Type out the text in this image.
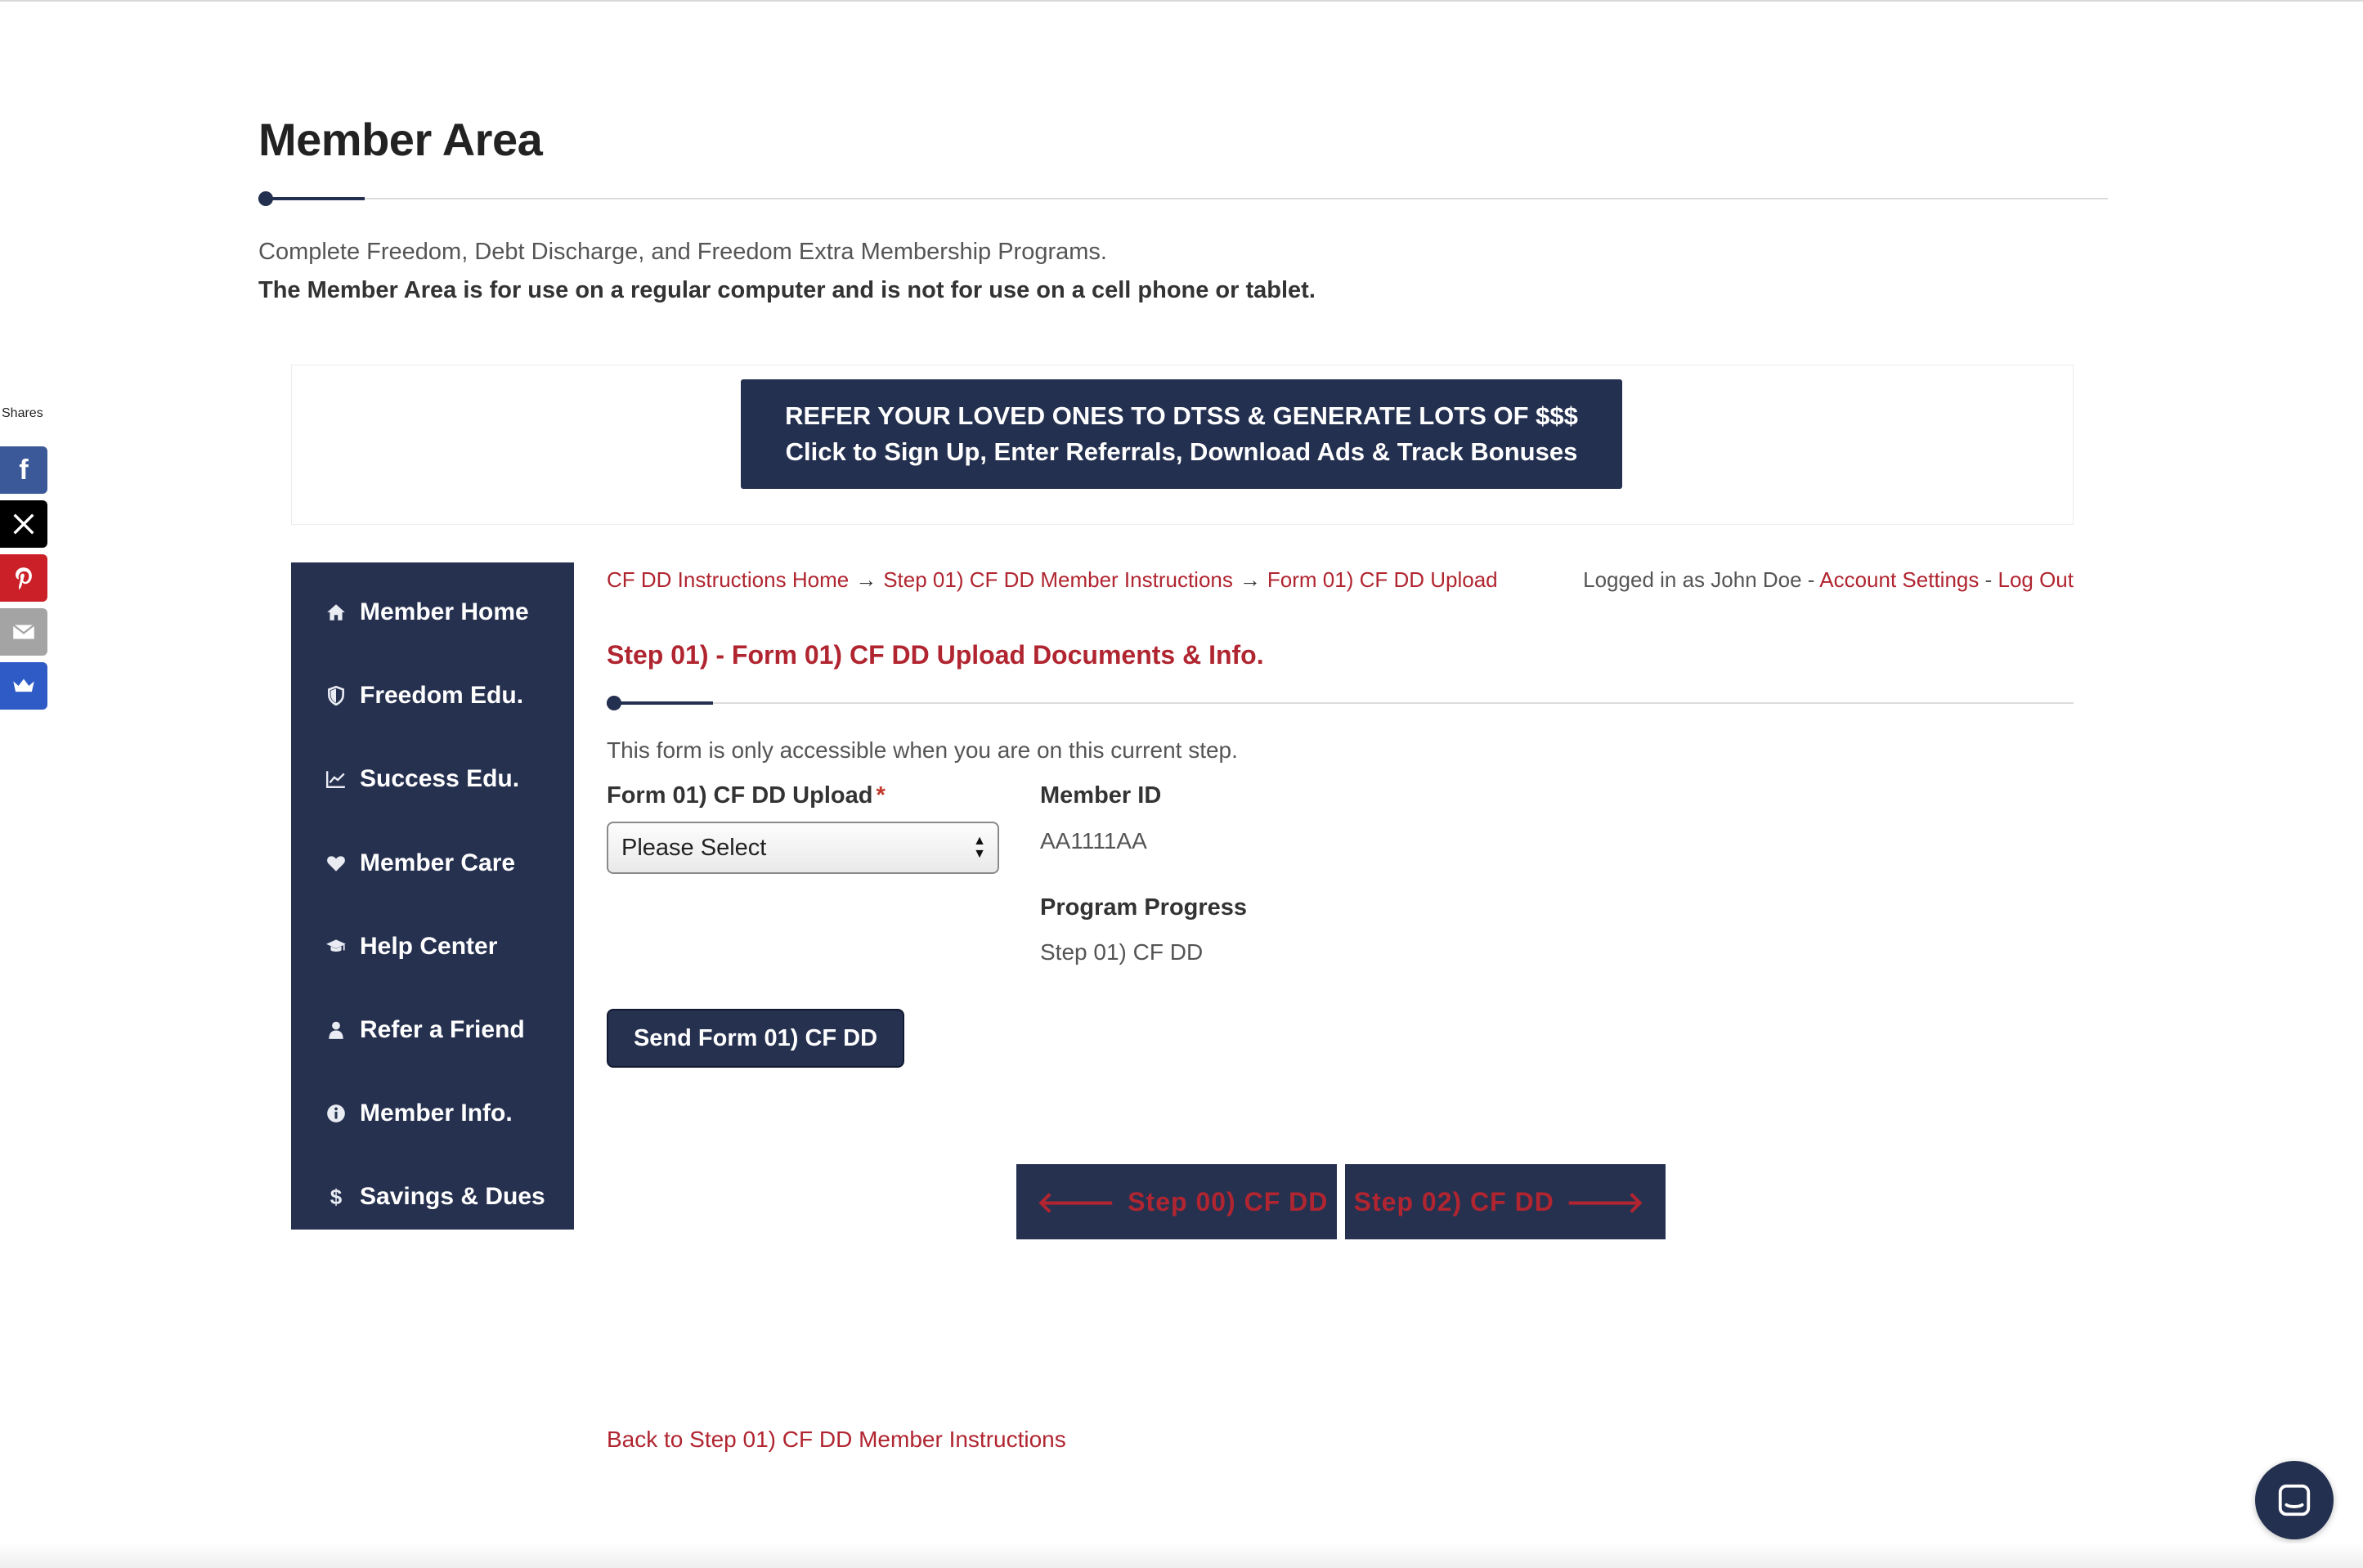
Member Area
Complete Freedom, Debt Discharge, and Freedom Extra Membership Programs.
The Member Area is for use on a regular computer and is not for use on a cell phone or tablet.
Shares
f
REFER YOUR LOVED ONES TO DTSS & GENERATE LOTS OF $$$
Click to Sign Up, Enter Referrals, Download Ads & Track Bonuses
Member Home
Freedom Edu.
Success Edu.
Member Care
Help Center
Refer a Friend
Member Info.
$ Savings & Dues
CF DD Instructions Home → Step 01) CF DD Member Instructions → Form 01) CF DD Upload	Logged in as John Doe - Account Settings - Log Out
Step 01) - Form 01) CF DD Upload Documents & Info.
This form is only accessible when you are on this current step.
Form 01) CF DD Upload *
Please Select	▲
▼
Member ID
AA1111AA
Program Progress
Step 01) CF DD
Send Form 01) CF DD
🡐 Step 00) CF DD Step 02) CF DD 🡒
Back to Step 01) CF DD Member Instructions
